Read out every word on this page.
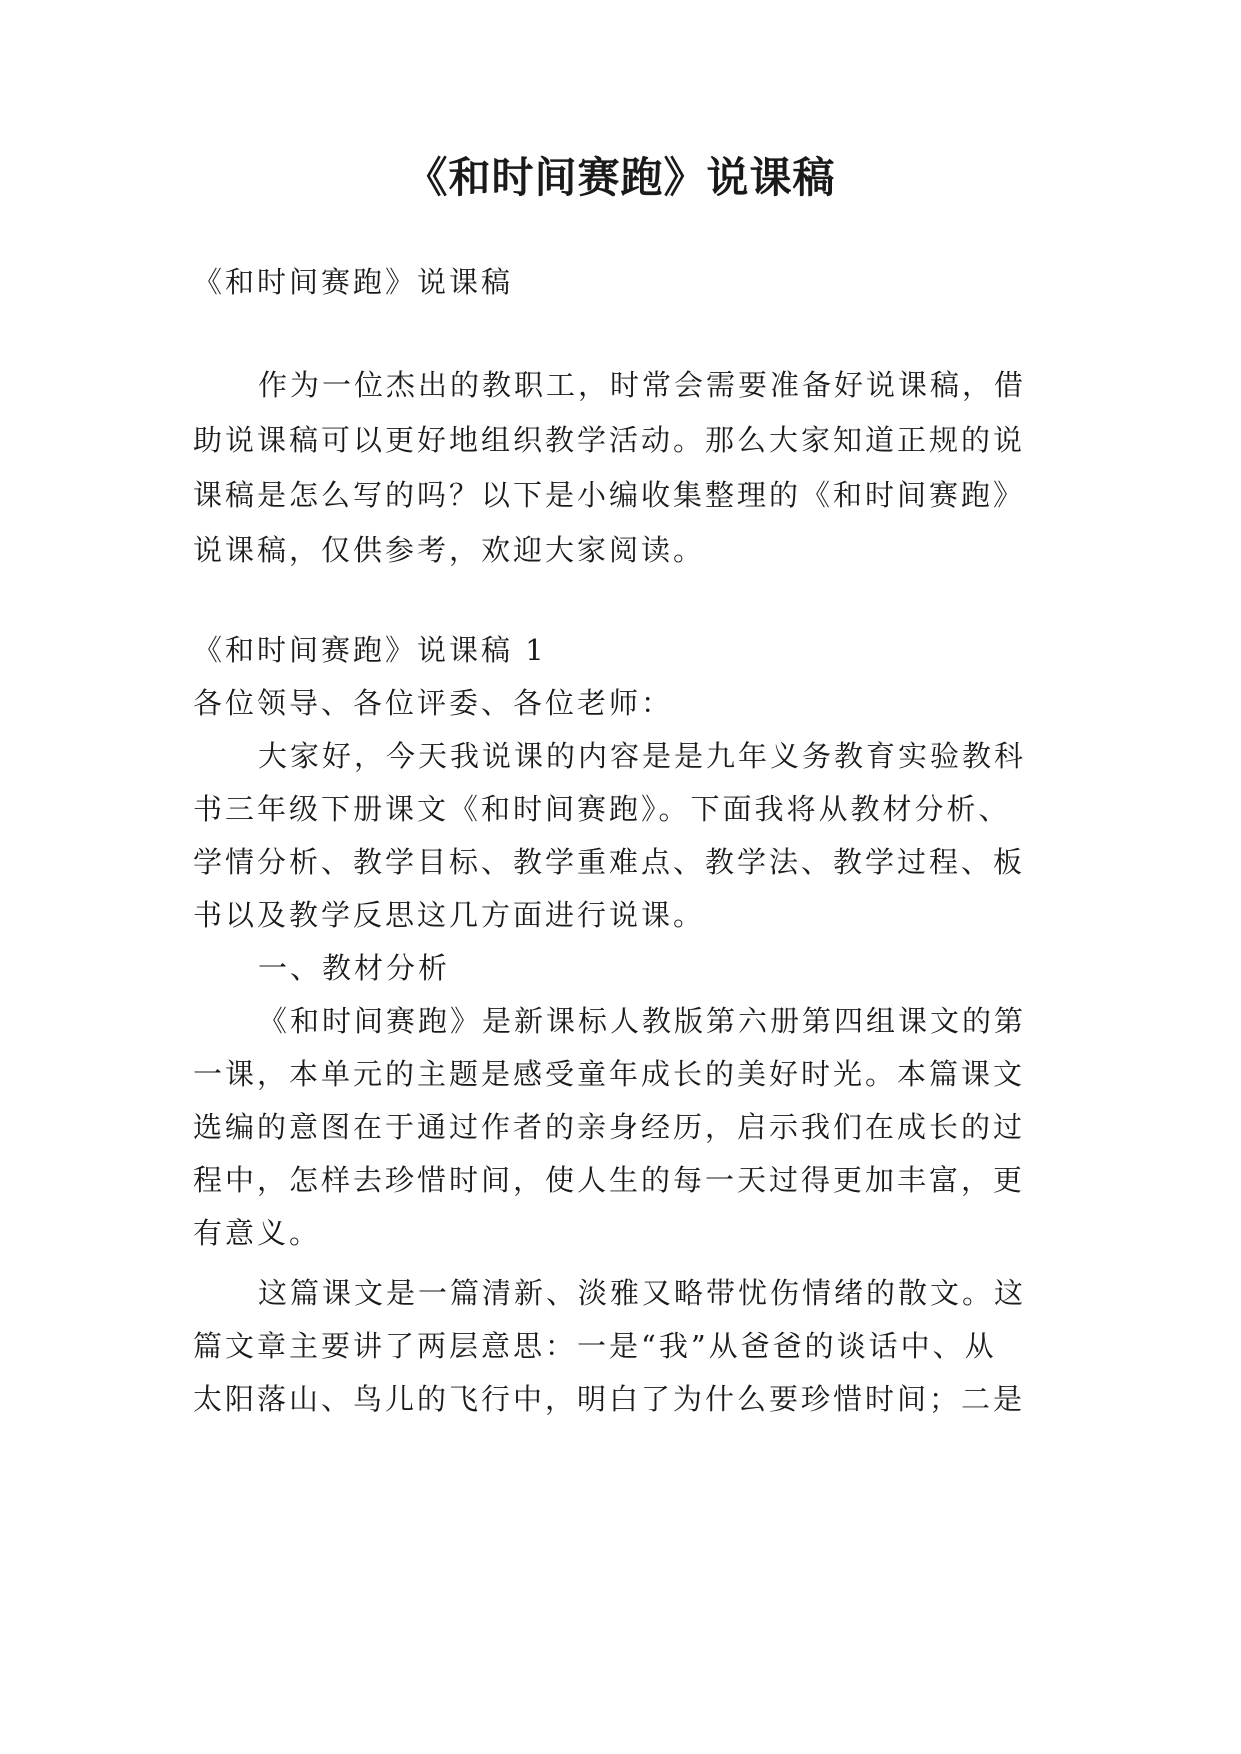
《和时间赛跑》说课稿

《和时间赛跑》说课稿

作为一位杰出的教职工，时常会需要准备好说课稿，借

助说课稿可以更好地组织教学活动。那么大家知道正规的说

课稿是怎么写的吗？以下是小编收集整理的《和时间赛跑》

说课稿，仅供参考，欢迎大家阅读。

《和时间赛跑》说课稿 1

各位领导、各位评委、各位老师：

大家好，今天我说课的内容是是九年义务教育实验教科

书三年级下册课文《和时间赛跑》。下面我将从教材分析、

学情分析、教学目标、教学重难点、教学法、教学过程、板

书以及教学反思这几方面进行说课。

一、教材分析

《和时间赛跑》是新课标人教版第六册第四组课文的第

一课，本单元的主题是感受童年成长的美好时光。本篇课文

选编的意图在于通过作者的亲身经历，启示我们在成长的过

程中，怎样去珍惜时间，使人生的每一天过得更加丰富，更

有意义。

这篇课文是一篇清新、淡雅又略带忧伤情绪的散文。这

篇文章主要讲了两层意思：一是“我”从爸爸的谈话中、从

太阳落山、鸟儿的飞行中，明白了为什么要珍惜时间；二是
